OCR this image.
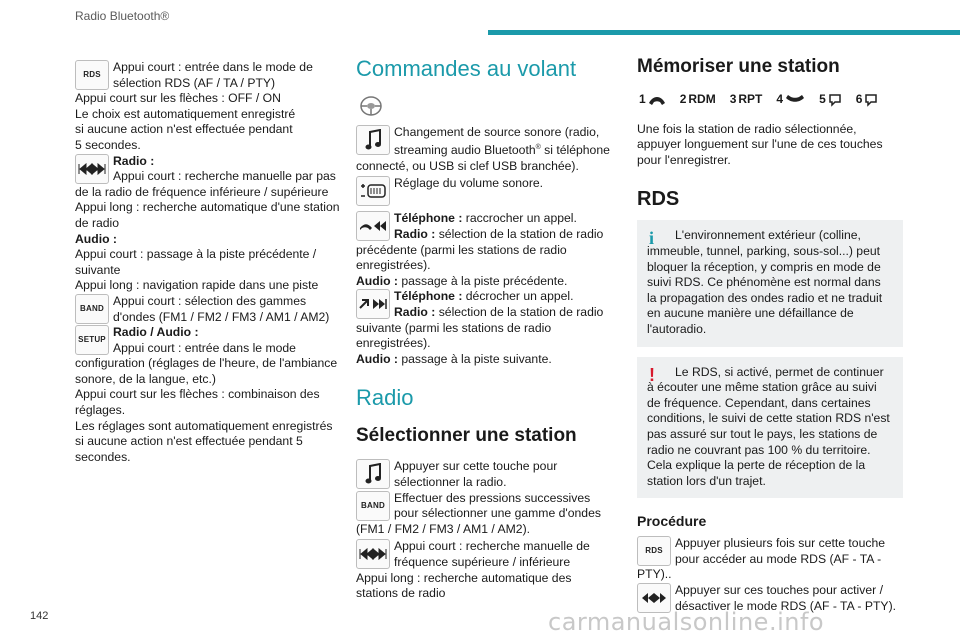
Radio Bluetooth®
RDS

Appui court : entrée dans le mode de sélection RDS (AF / TA / PTY)

Appui court sur les flèches : OFF / ON

Le choix est automatiquement enregistré

si aucune action n'est effectuée pendant

5 secondes.

Radio :

Appui court : recherche manuelle par pas de la radio de fréquence inférieure / supérieure

Appui long : recherche automatique d'une station de radio

Audio :

Appui court : passage à la piste précédente / suivante

Appui long : navigation rapide dans une piste

BAND

Appui court : sélection des gammes d'ondes (FM1 / FM2 / FM3 / AM1 / AM2)

SETUP

Radio / Audio :

Appui court : entrée dans le mode configuration (réglages de l'heure, de l'ambiance sonore, de la langue, etc.)

Appui court sur les flèches : combinaison des réglages.

Les réglages sont automatiquement enregistrés si aucune action n'est effectuée pendant 5 secondes.

Commandes au volant

Changement de source sonore (radio, streaming audio Bluetooth® si téléphone connecté, ou USB si clef USB branchée).

Réglage du volume sonore.

Téléphone : raccrocher un appel.

Radio : sélection de la station de radio précédente (parmi les stations de radio enregistrées).

Audio : passage à la piste précédente.

Téléphone : décrocher un appel.

Radio : sélection de la station de radio suivante (parmi les stations de radio enregistrées).

Audio : passage à la piste suivante.

Radio
Sélectionner une station

Appuyer sur cette touche pour sélectionner la radio.

BAND

Effectuer des pressions successives pour sélectionner une gamme d'ondes (FM1 / FM2 / FM3 / AM1 / AM2).

Appui court : recherche manuelle de fréquence supérieure / inférieure

Appui long : recherche automatique des stations de radio

Mémoriser une station
1	2 RDM 3 RPT 4	5	6

Une fois la station de radio sélectionnée, appuyer longuement sur l'une de ces touches pour l'enregistrer.

RDS
i	L'environnement extérieur (colline, immeuble, tunnel, parking, sous-sol...) peut bloquer la réception, y compris en mode de suivi RDS. Ce phénomène est normal dans la propagation des ondes radio et ne traduit en aucune manière une défaillance de l'autoradio.

!	Le RDS, si activé, permet de continuer à écouter une même station grâce au suivi de fréquence. Cependant, dans certaines conditions, le suivi de cette station RDS n'est pas assuré sur tout le pays, les stations de radio ne couvrant pas 100 % du territoire. Cela explique la perte de réception de la station lors d'un trajet.

Procédure
RDS

Appuyer plusieurs fois sur cette touche pour accéder au mode RDS (AF - TA - PTY)..

Appuyer sur ces touches pour activer / désactiver le mode RDS (AF - TA - PTY).

142	carmanualsonline.info
